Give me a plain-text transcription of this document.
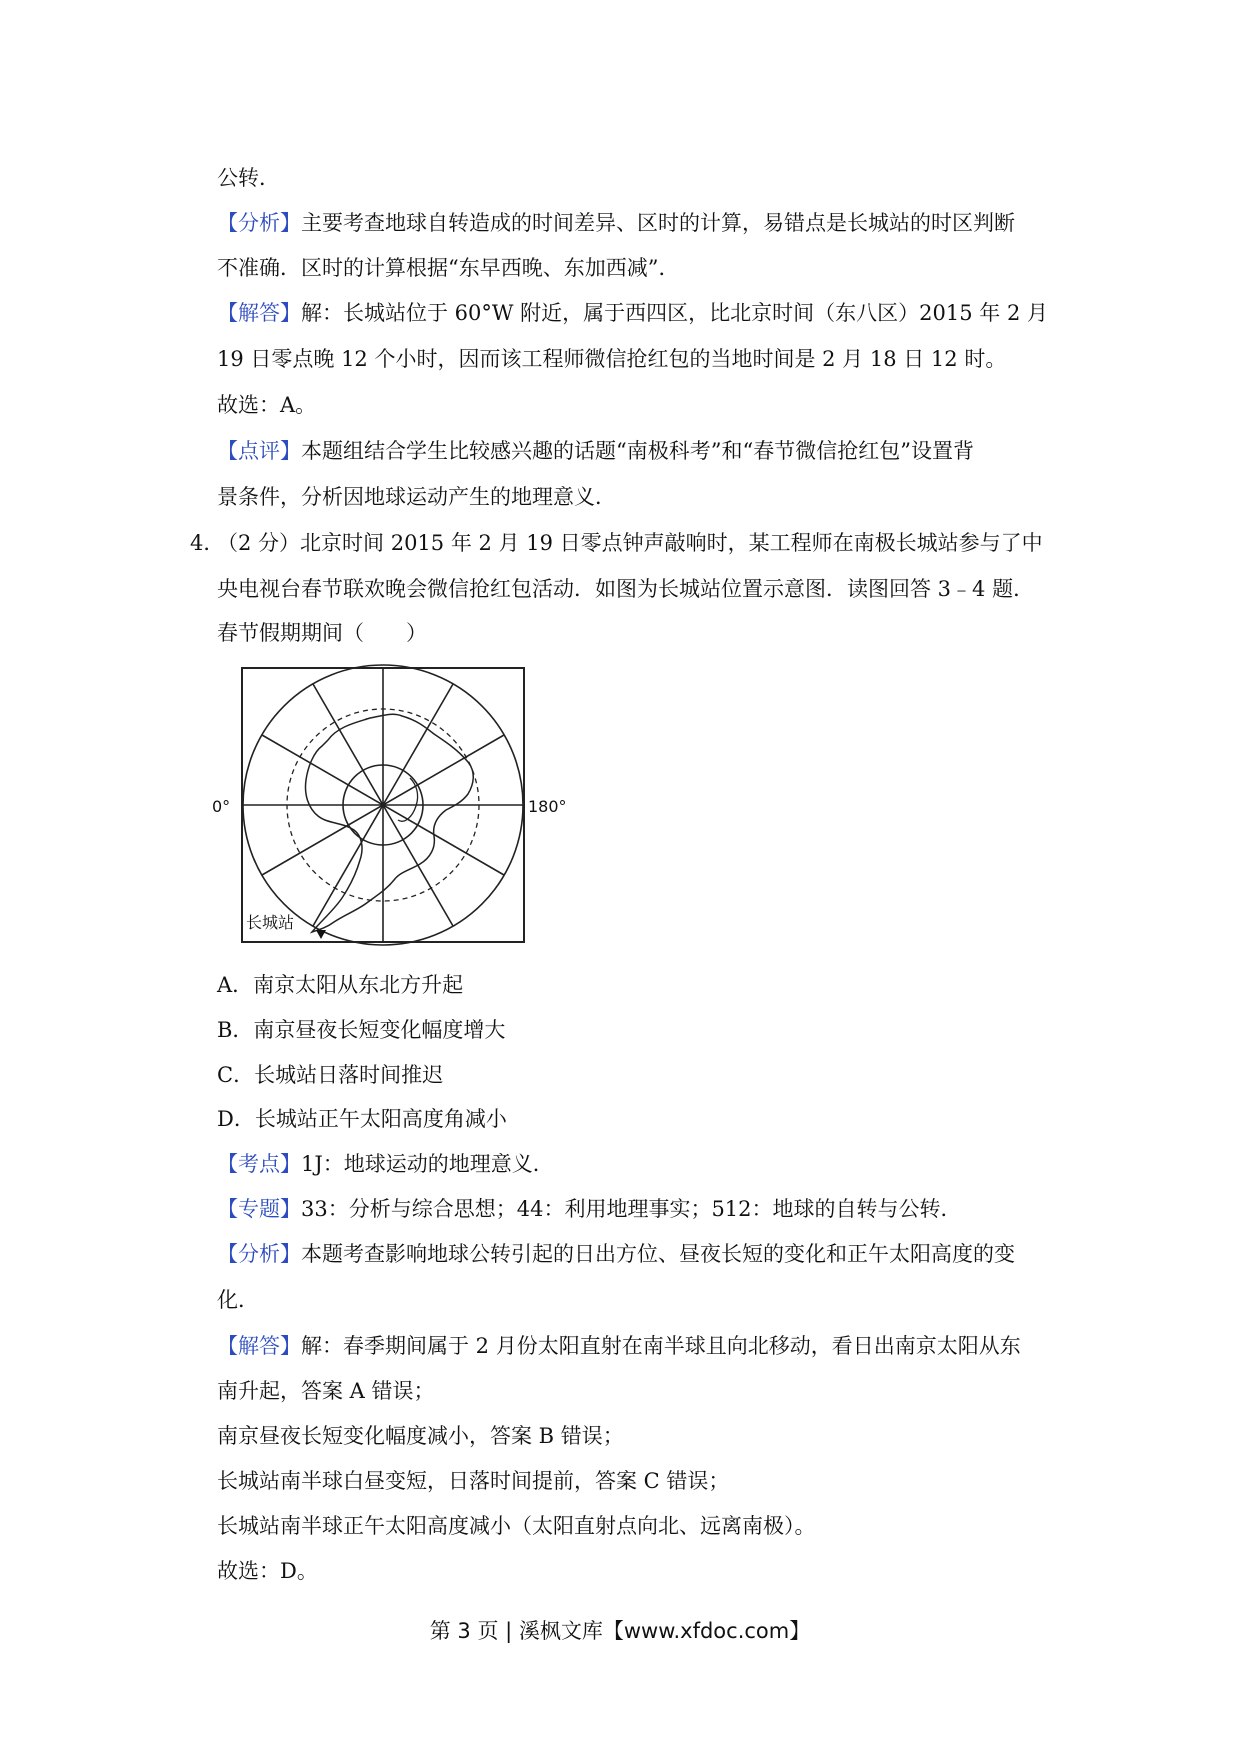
公转．
【分析】主要考查地球自转造成的时间差异、区时的计算，易错点是长城站的时区判断
不准确．区时的计算根据“东早西晚、东加西减”．
【解答】解：长城站位于 60°W 附近，属于西四区，比北京时间（东八区）2015 年 2 月
19 日零点晚 12 个小时，因而该工程师微信抢红包的当地时间是 2 月 18 日 12 时。
故选：A。
【点评】本题组结合学生比较感兴趣的话题“南极科考”和“春节微信抢红包”设置背
景条件，分析因地球运动产生的地理意义．
4．
（2 分）北京时间 2015 年 2 月 19 日零点钟声敲响时，某工程师在南极长城站参与了中
央电视台春节联欢晚会微信抢红包活动．如图为长城站位置示意图．读图回答 3﹣4 题．
春节假期期间（　　）
0°	180°
长城站
A．南京太阳从东北方升起
B．南京昼夜长短变化幅度增大
C．长城站日落时间推迟
D．长城站正午太阳高度角减小
【考点】1J：地球运动的地理意义．
【专题】33：分析与综合思想；44：利用地理事实；512：地球的自转与公转．
【分析】本题考查影响地球公转引起的日出方位、昼夜长短的变化和正午太阳高度的变
化．
【解答】解：春季期间属于 2 月份太阳直射在南半球且向北移动，看日出南京太阳从东
南升起，答案 A 错误；
南京昼夜长短变化幅度减小，答案 B 错误；
长城站南半球白昼变短，日落时间提前，答案 C 错误；
长城站南半球正午太阳高度减小（太阳直射点向北、远离南极）。
故选：D。
第 3 页 | 溪枫文库【www.xfdoc.com】
